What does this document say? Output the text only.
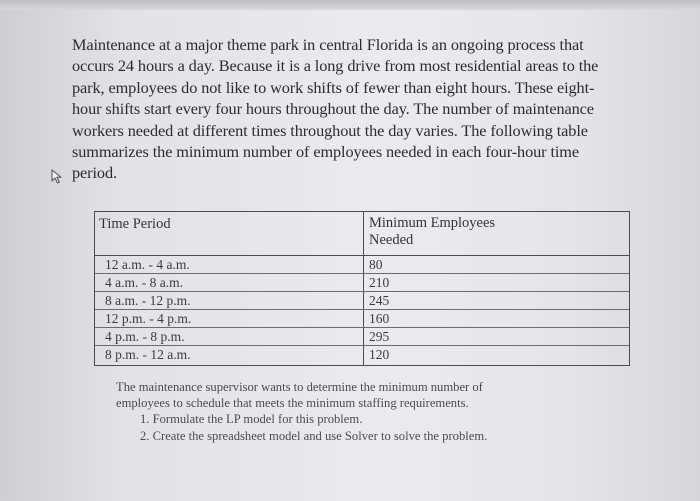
Maintenance at a major theme park in central Florida is an ongoing process that
occurs 24 hours a day. Because it is a long drive from most residential areas to the
park, employees do not like to work shifts of fewer than eight hours. These eight-
hour shifts start every four hours throughout the day. The number of maintenance
workers needed at different times throughout the day varies. The following table
summarizes the minimum number of employees needed in each four-hour time
period.
Time Period	Minimum Employees
Needed
12 a.m. - 4 a.m.	80
4 a.m. - 8 a.m.	210
8 a.m. - 12 p.m.	245
12 p.m. - 4 p.m.	160
4 p.m. - 8 p.m.	295
8 p.m. - 12 a.m.	120
The maintenance supervisor wants to determine the minimum number of
employees to schedule that meets the minimum staffing requirements.
1. Formulate the LP model for this problem.
2. Create the spreadsheet model and use Solver to solve the problem.
